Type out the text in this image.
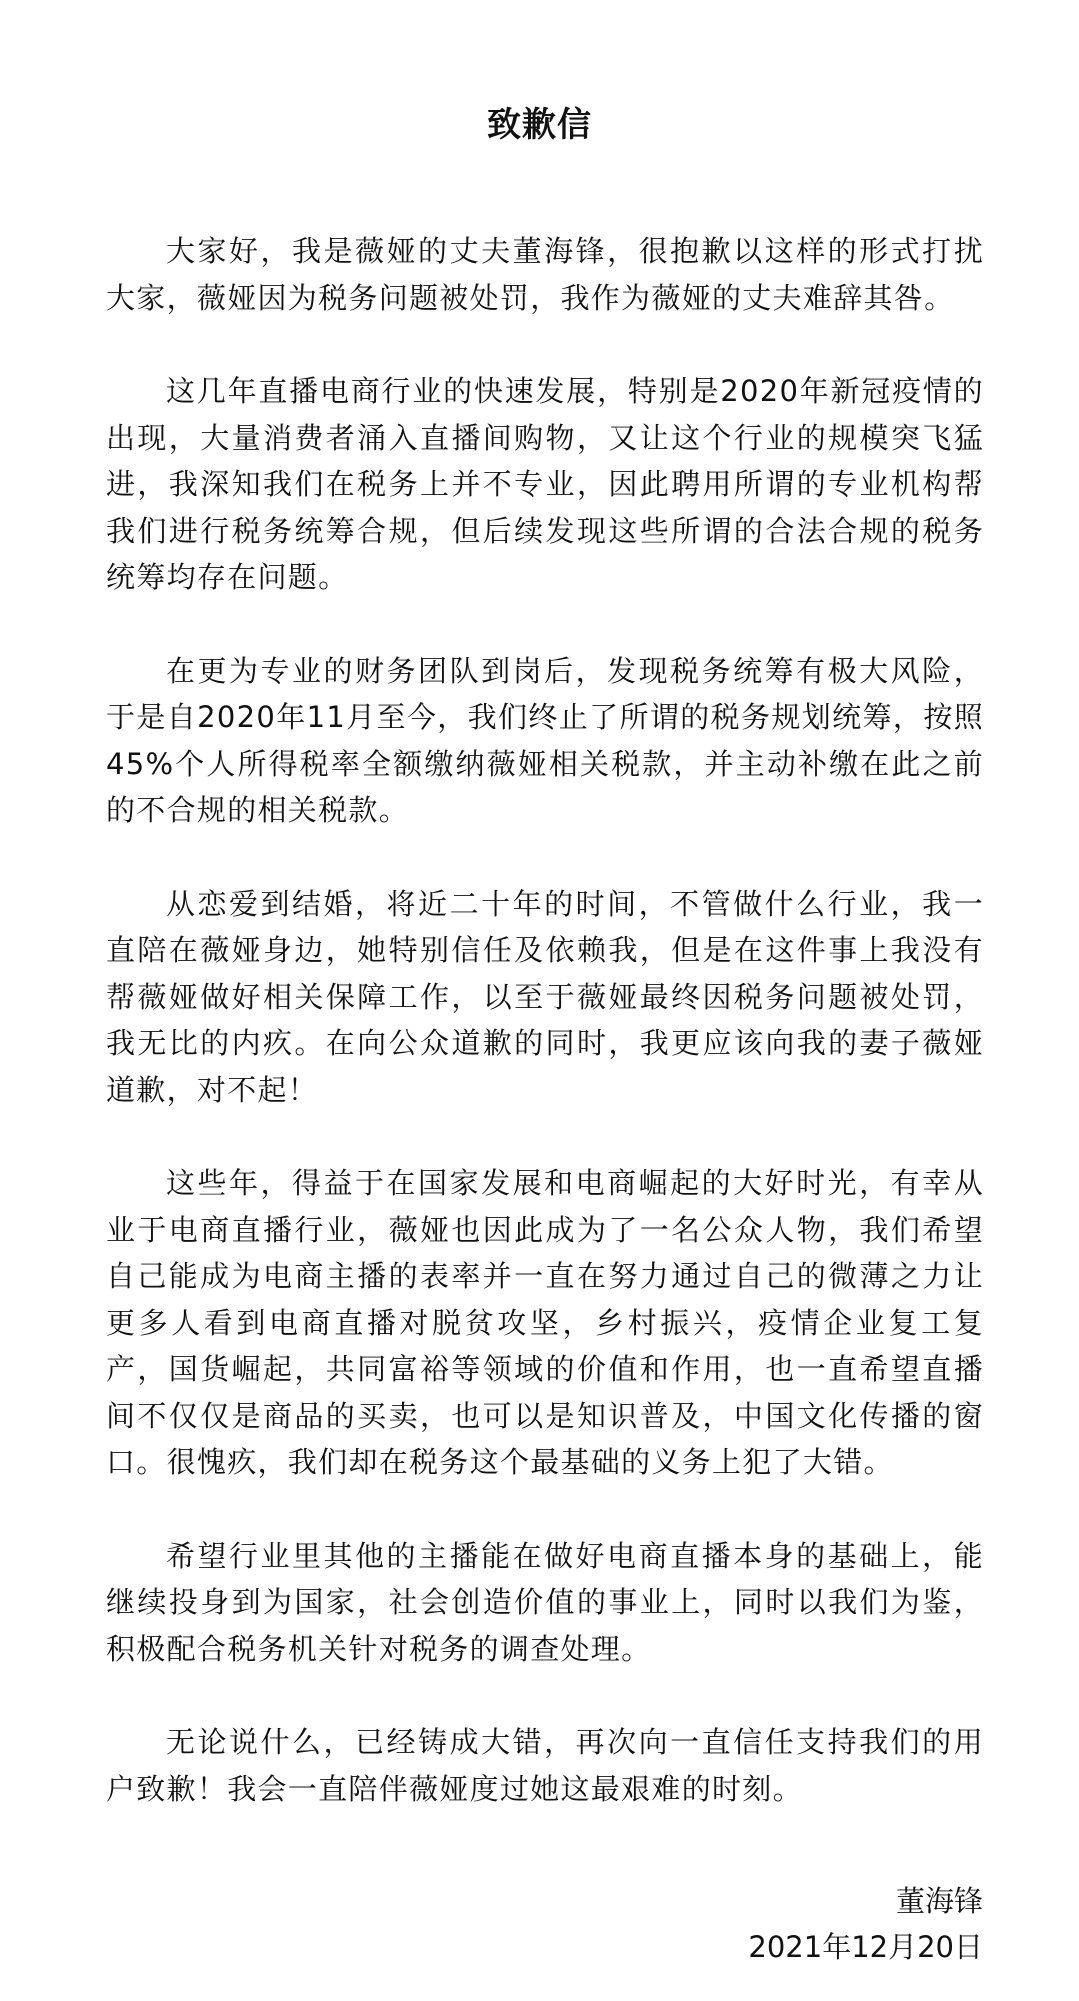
致歉信

大家好，我是薇娅的丈夫董海锋，很抱歉以这样的形式打扰大家，薇娅因为税务问题被处罚，我作为薇娅的丈夫难辞其咎。

这几年直播电商行业的快速发展，特别是2020年新冠疫情的出现，大量消费者涌入直播间购物，又让这个行业的规模突飞猛进，我深知我们在税务上并不专业，因此聘用所谓的专业机构帮我们进行税务统筹合规，但后续发现这些所谓的合法合规的税务统筹均存在问题。

在更为专业的财务团队到岗后，发现税务统筹有极大风险，于是自2020年11月至今，我们终止了所谓的税务规划统筹，按照45%个人所得税率全额缴纳薇娅相关税款，并主动补缴在此之前的不合规的相关税款。

从恋爱到结婚，将近二十年的时间，不管做什么行业，我一直陪在薇娅身边，她特别信任及依赖我，但是在这件事上我没有帮薇娅做好相关保障工作，以至于薇娅最终因税务问题被处罚，我无比的内疚。在向公众道歉的同时，我更应该向我的妻子薇娅道歉，对不起！

这些年，得益于在国家发展和电商崛起的大好时光，有幸从业于电商直播行业，薇娅也因此成为了一名公众人物，我们希望自己能成为电商主播的表率并一直在努力通过自己的微薄之力让更多人看到电商直播对脱贫攻坚，乡村振兴，疫情企业复工复产，国货崛起，共同富裕等领域的价值和作用，也一直希望直播间不仅仅是商品的买卖，也可以是知识普及，中国文化传播的窗口。很愧疚，我们却在税务这个最基础的义务上犯了大错。

希望行业里其他的主播能在做好电商直播本身的基础上，能继续投身到为国家，社会创造价值的事业上，同时以我们为鉴，积极配合税务机关针对税务的调查处理。

无论说什么，已经铸成大错，再次向一直信任支持我们的用户致歉！我会一直陪伴薇娅度过她这最艰难的时刻。

董海锋
2021年12月20日
